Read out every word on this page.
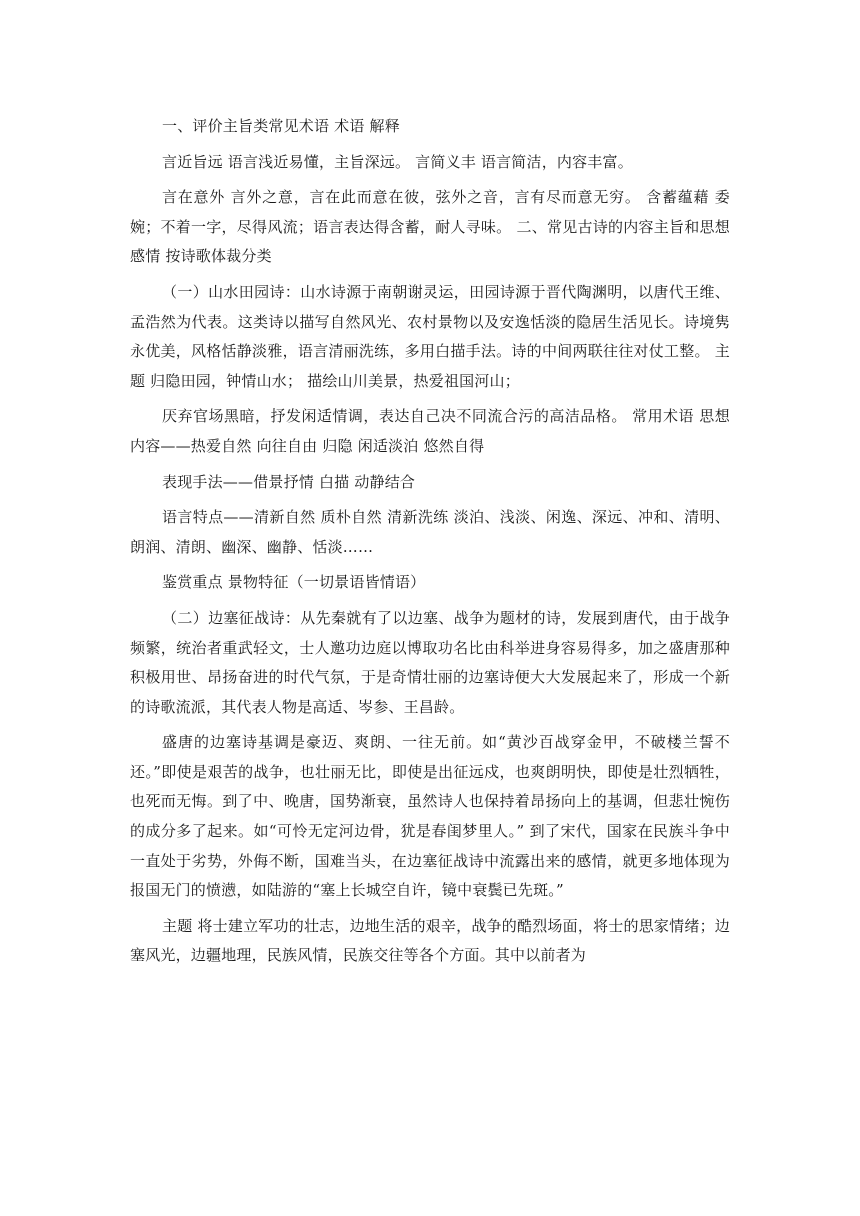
一、评价主旨类常见术语 术语 解释

言近旨远 语言浅近易懂，主旨深远。 言简义丰 语言简洁，内容丰富。

言在意外 言外之意，言在此而意在彼，弦外之音，言有尽而意无穷。 含蓄蕴藉 委婉；不着一字，尽得风流；语言表达得含蓄，耐人寻味。 二、常见古诗的内容主旨和思想感情 按诗歌体裁分类

（一）山水田园诗：山水诗源于南朝谢灵运，田园诗源于晋代陶渊明，以唐代王维、孟浩然为代表。这类诗以描写自然风光、农村景物以及安逸恬淡的隐居生活见长。诗境隽永优美，风格恬静淡雅，语言清丽洗练，多用白描手法。诗的中间两联往往对仗工整。 主题 归隐田园，钟情山水； 描绘山川美景，热爱祖国河山；

厌弃官场黑暗，抒发闲适情调，表达自己决不同流合污的高洁品格。 常用术语 思想内容——热爱自然 向往自由 归隐 闲适淡泊 悠然自得

表现手法——借景抒情 白描 动静结合

语言特点——清新自然 质朴自然 清新洗练 淡泊、浅淡、闲逸、深远、冲和、清明、朗润、清朗、幽深、幽静、恬淡……

鉴赏重点 景物特征（一切景语皆情语）

（二）边塞征战诗：从先秦就有了以边塞、战争为题材的诗，发展到唐代，由于战争频繁，统治者重武轻文，士人邀功边庭以博取功名比由科举进身容易得多，加之盛唐那种积极用世、昂扬奋进的时代气氛，于是奇情壮丽的边塞诗便大大发展起来了，形成一个新的诗歌流派，其代表人物是高适、岑参、王昌龄。

盛唐的边塞诗基调是豪迈、爽朗、一往无前。如“黄沙百战穿金甲，不破楼兰誓不还。”即使是艰苦的战争，也壮丽无比，即使是出征远戍，也爽朗明快，即使是壮烈牺牲，也死而无悔。到了中、晚唐，国势渐衰，虽然诗人也保持着昂扬向上的基调，但悲壮惋伤的成分多了起来。如“可怜无定河边骨，犹是春闺梦里人。” 到了宋代，国家在民族斗争中一直处于劣势，外侮不断，国难当头，在边塞征战诗中流露出来的感情，就更多地体现为报国无门的愤懑，如陆游的“塞上长城空自许，镜中衰鬓已先斑。”

主题 将士建立军功的壮志，边地生活的艰辛，战争的酷烈场面，将士的思家情绪；边塞风光，边疆地理，民族风情，民族交往等各个方面。其中以前者为
